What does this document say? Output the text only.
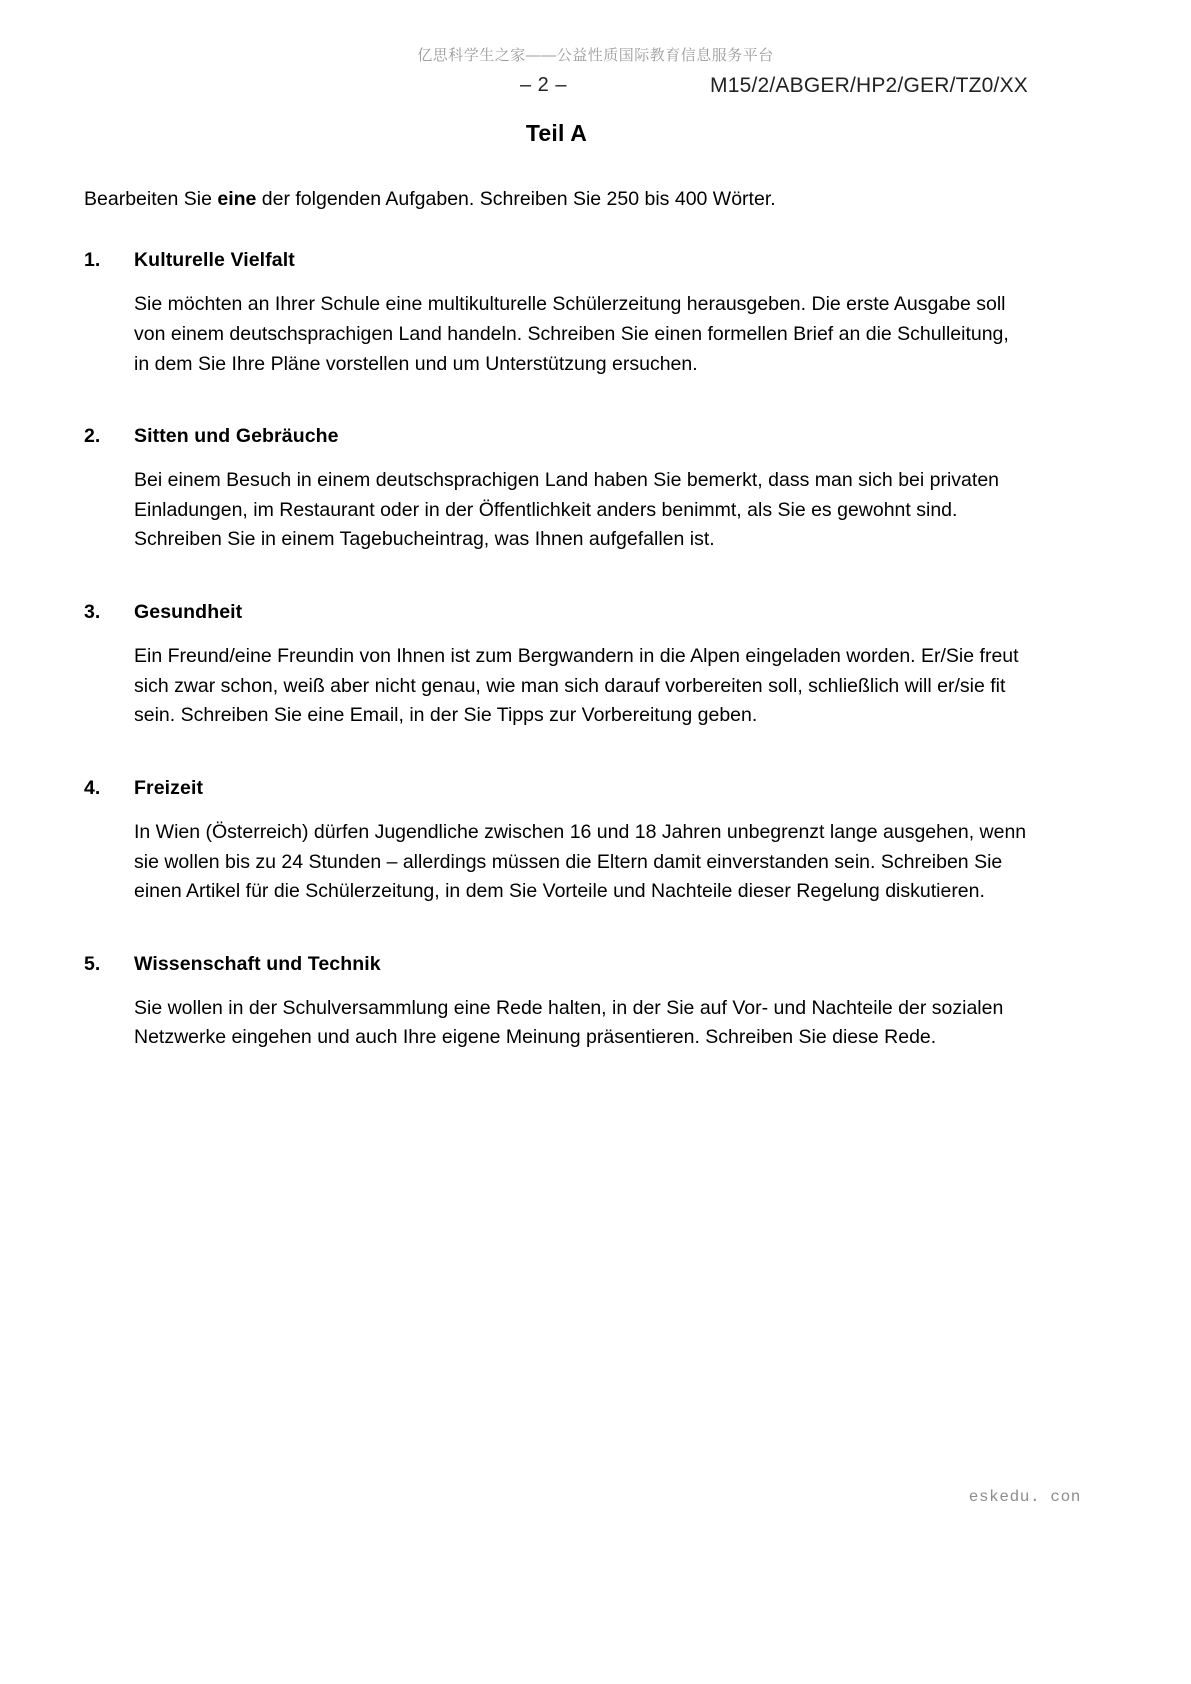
亿思科学生之家——公益性质国际教育信息服务平台
– 2 –	M15/2/ABGER/HP2/GER/TZ0/XX
Teil A

Bearbeiten Sie eine der folgenden Aufgaben. Schreiben Sie 250 bis 400 Wörter.

1.	Kulturelle Vielfalt
Sie möchten an Ihrer Schule eine multikulturelle Schülerzeitung herausgeben. Die erste Ausgabe soll von einem deutschsprachigen Land handeln. Schreiben Sie einen formellen Brief an die Schulleitung, in dem Sie Ihre Pläne vorstellen und um Unterstützung ersuchen.
2.	Sitten und Gebräuche
Bei einem Besuch in einem deutschsprachigen Land haben Sie bemerkt, dass man sich bei privaten Einladungen, im Restaurant oder in der Öffentlichkeit anders benimmt, als Sie es gewohnt sind. Schreiben Sie in einem Tagebucheintrag, was Ihnen aufgefallen ist.
3.	Gesundheit
Ein Freund/eine Freundin von Ihnen ist zum Bergwandern in die Alpen eingeladen worden. Er/Sie freut sich zwar schon, weiß aber nicht genau, wie man sich darauf vorbereiten soll, schließlich will er/sie fit sein. Schreiben Sie eine Email, in der Sie Tipps zur Vorbereitung geben.
4.	Freizeit
In Wien (Österreich) dürfen Jugendliche zwischen 16 und 18 Jahren unbegrenzt lange ausgehen, wenn sie wollen bis zu 24 Stunden – allerdings müssen die Eltern damit einverstanden sein. Schreiben Sie einen Artikel für die Schülerzeitung, in dem Sie Vorteile und Nachteile dieser Regelung diskutieren.
5.	Wissenschaft und Technik
Sie wollen in der Schulversammlung eine Rede halten, in der Sie auf Vor- und Nachteile der sozialen Netzwerke eingehen und auch Ihre eigene Meinung präsentieren. Schreiben Sie diese Rede.
eskedu. con
